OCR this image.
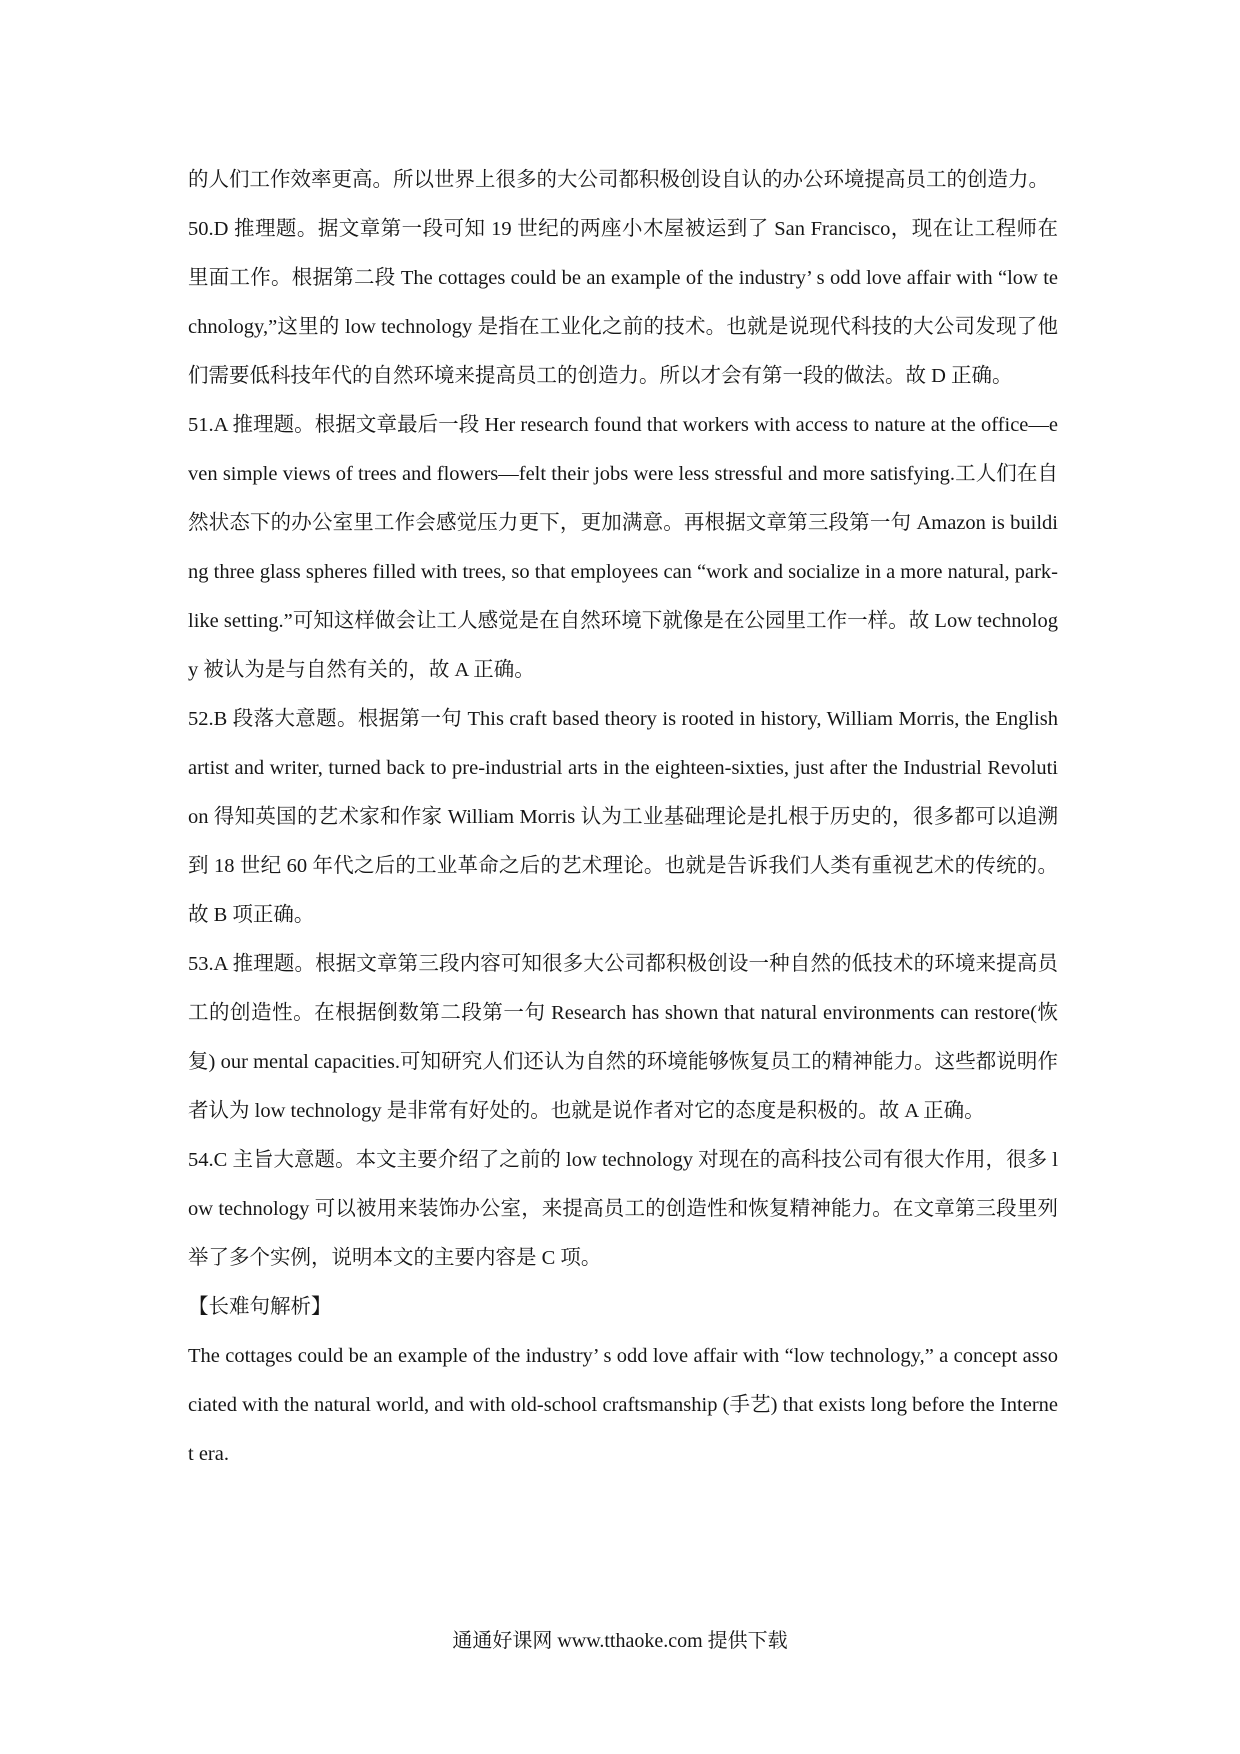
的人们工作效率更高。所以世界上很多的大公司都积极创设自认的办公环境提高员工的创造力。

50.D 推理题。据文章第一段可知 19 世纪的两座小木屋被运到了 San Francisco，现在让工程师在里面工作。根据第二段 The cottages could be an example of the industry’ s odd love affair with “low technology,”这里的 low technology 是指在工业化之前的技术。也就是说现代科技的大公司发现了他们需要低科技年代的自然环境来提高员工的创造力。所以才会有第一段的做法。故 D 正确。

51.A 推理题。根据文章最后一段 Her research found that workers with access to nature at the office—even simple views of trees and flowers—felt their jobs were less stressful and more satisfying.工人们在自然状态下的办公室里工作会感觉压力更下，更加满意。再根据文章第三段第一句 Amazon is building three glass spheres filled with trees, so that employees can “work and socialize in a more natural, park-like setting.”可知这样做会让工人感觉是在自然环境下就像是在公园里工作一样。故 Low technology 被认为是与自然有关的，故 A 正确。

52.B 段落大意题。根据第一句 This craft based theory is rooted in history, William Morris, the English artist and writer, turned back to pre-industrial arts in the eighteen-sixties, just after the Industrial Revolution 得知英国的艺术家和作家 William Morris 认为工业基础理论是扎根于历史的，很多都可以追溯到 18 世纪 60 年代之后的工业革命之后的艺术理论。也就是告诉我们人类有重视艺术的传统的。故 B 项正确。

53.A 推理题。根据文章第三段内容可知很多大公司都积极创设一种自然的低技术的环境来提高员工的创造性。在根据倒数第二段第一句 Research has shown that natural environments can restore(恢复) our mental capacities.可知研究人们还认为自然的环境能够恢复员工的精神能力。这些都说明作者认为 low technology 是非常有好处的。也就是说作者对它的态度是积极的。故 A 正确。

54.C 主旨大意题。本文主要介绍了之前的 low technology 对现在的高科技公司有很大作用，很多 low technology 可以被用来装饰办公室，来提高员工的创造性和恢复精神能力。在文章第三段里列举了多个实例，说明本文的主要内容是 C 项。

【长难句解析】

The cottages could be an example of the industry’ s odd love affair with “low technology,” a concept associated with the natural world, and with old-school craftsmanship (手艺) that exists long before the Internet era.

通通好课网 www.tthaoke.com 提供下载
